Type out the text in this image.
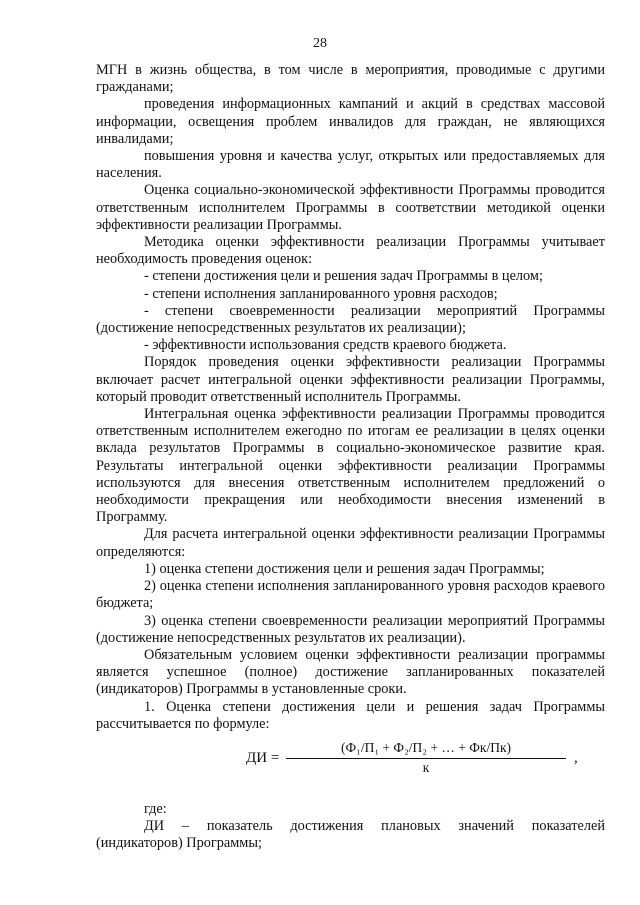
28

МГН в жизнь общества, в том числе в мероприятия, проводимые с другими гражданами;

проведения информационных кампаний и акций в средствах массовой информации, освещения проблем инвалидов для граждан, не являющихся инвалидами;

повышения уровня и качества услуг, открытых или предоставляемых для населения.

Оценка социально-экономической эффективности Программы проводится ответственным исполнителем Программы в соответствии методикой оценки эффективности реализации Программы.

Методика оценки эффективности реализации Программы учитывает необходимость проведения оценок:

- степени достижения цели и решения задач Программы в целом;

- степени исполнения запланированного уровня расходов;

- степени своевременности реализации мероприятий Программы (достижение непосредственных результатов их реализации);

- эффективности использования средств краевого бюджета.

Порядок проведения оценки эффективности реализации Программы включает расчет интегральной оценки эффективности реализации Программы, который проводит ответственный исполнитель Программы.

Интегральная оценка эффективности реализации Программы проводится ответственным исполнителем ежегодно по итогам ее реализации в целях оценки вклада результатов Программы в социально-экономическое развитие края. Результаты интегральной оценки эффективности реализации Программы используются для внесения ответственным исполнителем предложений о необходимости прекращения или необходимости внесения изменений в Программу.

Для расчета интегральной оценки эффективности реализации Программы определяются:

1) оценка степени достижения цели и решения задач Программы;

2) оценка степени исполнения запланированного уровня расходов краевого бюджета;

3) оценка степени своевременности реализации мероприятий Программы (достижение непосредственных результатов их реализации).

Обязательным условием оценки эффективности реализации программы является успешное (полное) достижение запланированных показателей (индикаторов) Программы в установленные сроки.

1. Оценка степени достижения цели и решения задач Программы рассчитывается по формуле:

ДИ =
(Ф₁/П₁ + Ф₂/П₂ + … + Фк/Пк)
к
,

где:

ДИ – показатель достижения плановых значений показателей (индикаторов) Программы;
